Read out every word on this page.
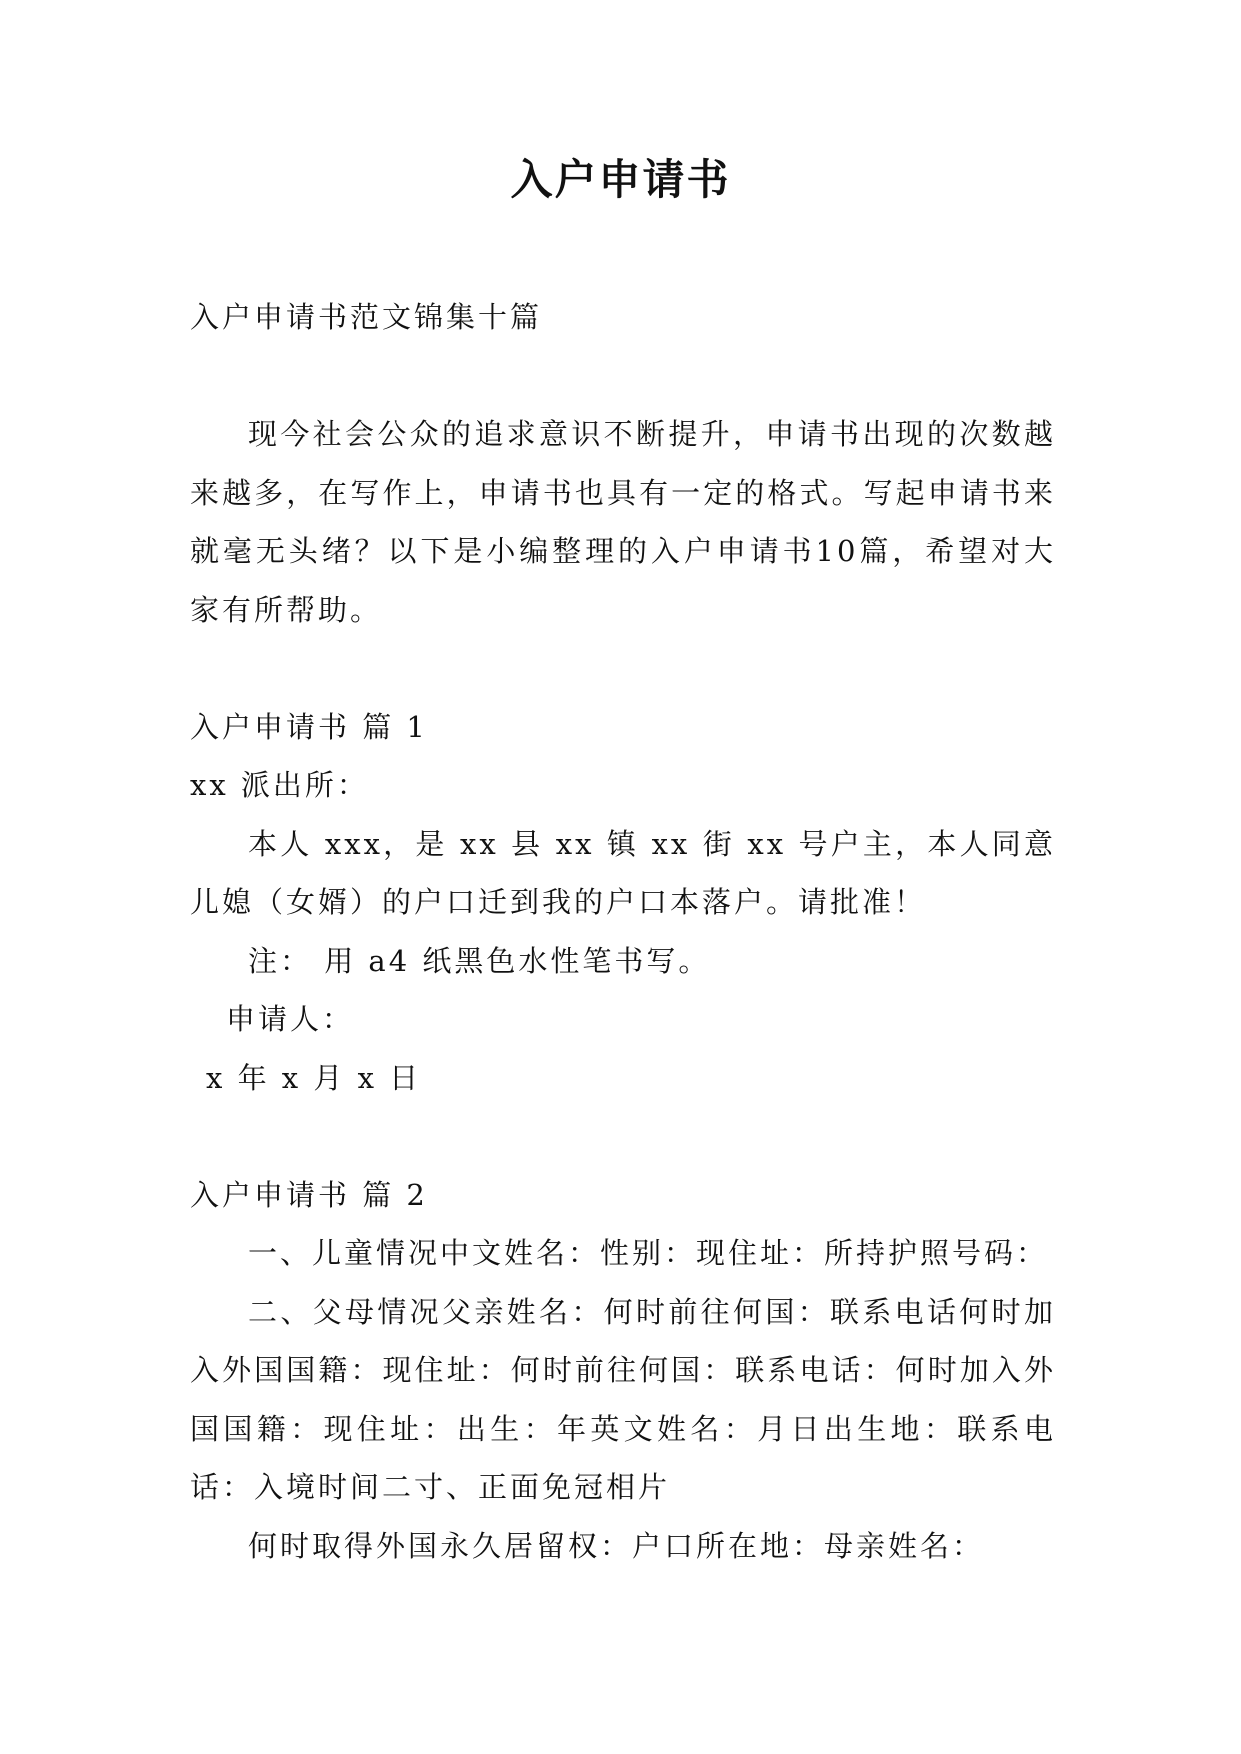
入户申请书
入户申请书范文锦集十篇
现今社会公众的追求意识不断提升，申请书出现的次数越来越多，在写作上，申请书也具有一定的格式。写起申请书来就毫无头绪？以下是小编整理的入户申请书10篇，希望对大家有所帮助。
入户申请书 篇 1
xx 派出所：
本人 xxx，是 xx 县 xx 镇 xx 街 xx 号户主，本人同意儿媳（女婿）的户口迁到我的户口本落户。请批准！
注： 用 a4 纸黑色水性笔书写。
申请人：
x 年 x 月 x 日
入户申请书 篇 2
一、儿童情况中文姓名：性别：现住址：所持护照号码：
二、父母情况父亲姓名：何时前往何国：联系电话何时加入外国国籍：现住址：何时前往何国：联系电话：何时加入外国国籍：现住址：出生：年英文姓名：月日出生地：联系电话：入境时间二寸、正面免冠相片
何时取得外国永久居留权：户口所在地：母亲姓名：
